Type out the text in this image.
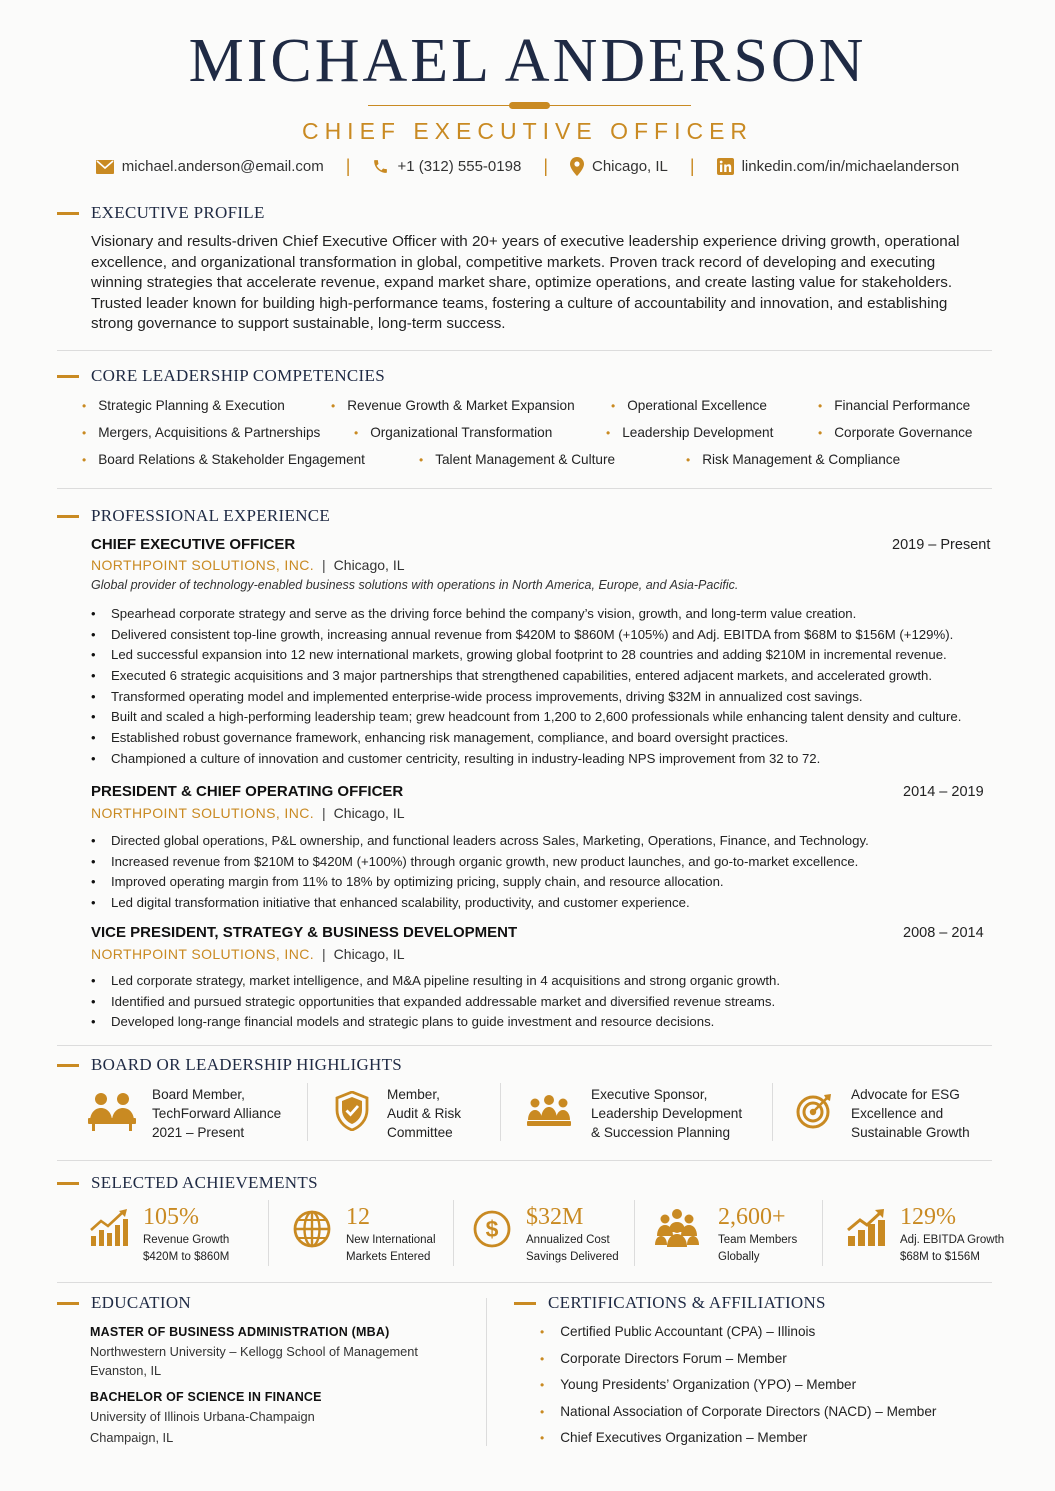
MICHAEL ANDERSON
CHIEF EXECUTIVE OFFICER
michael.anderson@email.com |	+1 (312) 555-0198 |	Chicago, IL |	linkedin.com/in/michaelanderson
EXECUTIVE PROFILE
Visionary and results-driven Chief Executive Officer with 20+ years of executive leadership experience driving growth, operational excellence, and organizational transformation in global, competitive markets. Proven track record of developing and executing winning strategies that accelerate revenue, expand market share, optimize operations, and create lasting value for stakeholders. Trusted leader known for building high-performance teams, fostering a culture of accountability and innovation, and establishing strong governance to support sustainable, long-term success.
CORE LEADERSHIP COMPETENCIES
• Strategic Planning & Execution	• Revenue Growth & Market Expansion	• Operational Excellence	• Financial Performance
• Mergers, Acquisitions & Partnerships	• Organizational Transformation	• Leadership Development	• Corporate Governance
• Board Relations & Stakeholder Engagement	• Talent Management & Culture	• Risk Management & Compliance
PROFESSIONAL EXPERIENCE
CHIEF EXECUTIVE OFFICER	2019 – Present
NORTHPOINT SOLUTIONS, INC. | Chicago, IL
Global provider of technology-enabled business solutions with operations in North America, Europe, and Asia-Pacific.
•	Spearhead corporate strategy and serve as the driving force behind the company’s vision, growth, and long-term value creation.
•	Delivered consistent top-line growth, increasing annual revenue from $420M to $860M (+105%) and Adj. EBITDA from $68M to $156M (+129%).
•	Led successful expansion into 12 new international markets, growing global footprint to 28 countries and adding $210M in incremental revenue.
•	Executed 6 strategic acquisitions and 3 major partnerships that strengthened capabilities, entered adjacent markets, and accelerated growth.
•	Transformed operating model and implemented enterprise-wide process improvements, driving $32M in annualized cost savings.
•	Built and scaled a high-performing leadership team; grew headcount from 1,200 to 2,600 professionals while enhancing talent density and culture.
•	Established robust governance framework, enhancing risk management, compliance, and board oversight practices.
•	Championed a culture of innovation and customer centricity, resulting in industry-leading NPS improvement from 32 to 72.
PRESIDENT & CHIEF OPERATING OFFICER	2014 – 2019
NORTHPOINT SOLUTIONS, INC. | Chicago, IL
•	Directed global operations, P&L ownership, and functional leaders across Sales, Marketing, Operations, Finance, and Technology.
•	Increased revenue from $210M to $420M (+100%) through organic growth, new product launches, and go-to-market excellence.
•	Improved operating margin from 11% to 18% by optimizing pricing, supply chain, and resource allocation.
•	Led digital transformation initiative that enhanced scalability, productivity, and customer experience.
VICE PRESIDENT, STRATEGY & BUSINESS DEVELOPMENT	2008 – 2014
NORTHPOINT SOLUTIONS, INC. | Chicago, IL
•	Led corporate strategy, market intelligence, and M&A pipeline resulting in 4 acquisitions and strong organic growth.
•	Identified and pursued strategic opportunities that expanded addressable market and diversified revenue streams.
•	Developed long-range financial models and strategic plans to guide investment and resource decisions.
BOARD OR LEADERSHIP HIGHLIGHTS
Board Member,
TechForward Alliance
2021 – Present
Member,
Audit & Risk
Committee
Executive Sponsor,
Leadership Development
& Succession Planning
Advocate for ESG
Excellence and
Sustainable Growth
SELECTED ACHIEVEMENTS
105%
Revenue Growth
$420M to $860M
12
New International
Markets Entered
$ $32M
Annualized Cost
Savings Delivered
2,600+
Team Members
Globally
129%
Adj. EBITDA Growth
$68M to $156M
EDUCATION
MASTER OF BUSINESS ADMINISTRATION (MBA)
Northwestern University – Kellogg School of Management
Evanston, IL
BACHELOR OF SCIENCE IN FINANCE
University of Illinois Urbana-Champaign
Champaign, IL
CERTIFICATIONS & AFFILIATIONS
• Certified Public Accountant (CPA) – Illinois
• Corporate Directors Forum – Member
• Young Presidents’ Organization (YPO) – Member
• National Association of Corporate Directors (NACD) – Member
• Chief Executives Organization – Member
